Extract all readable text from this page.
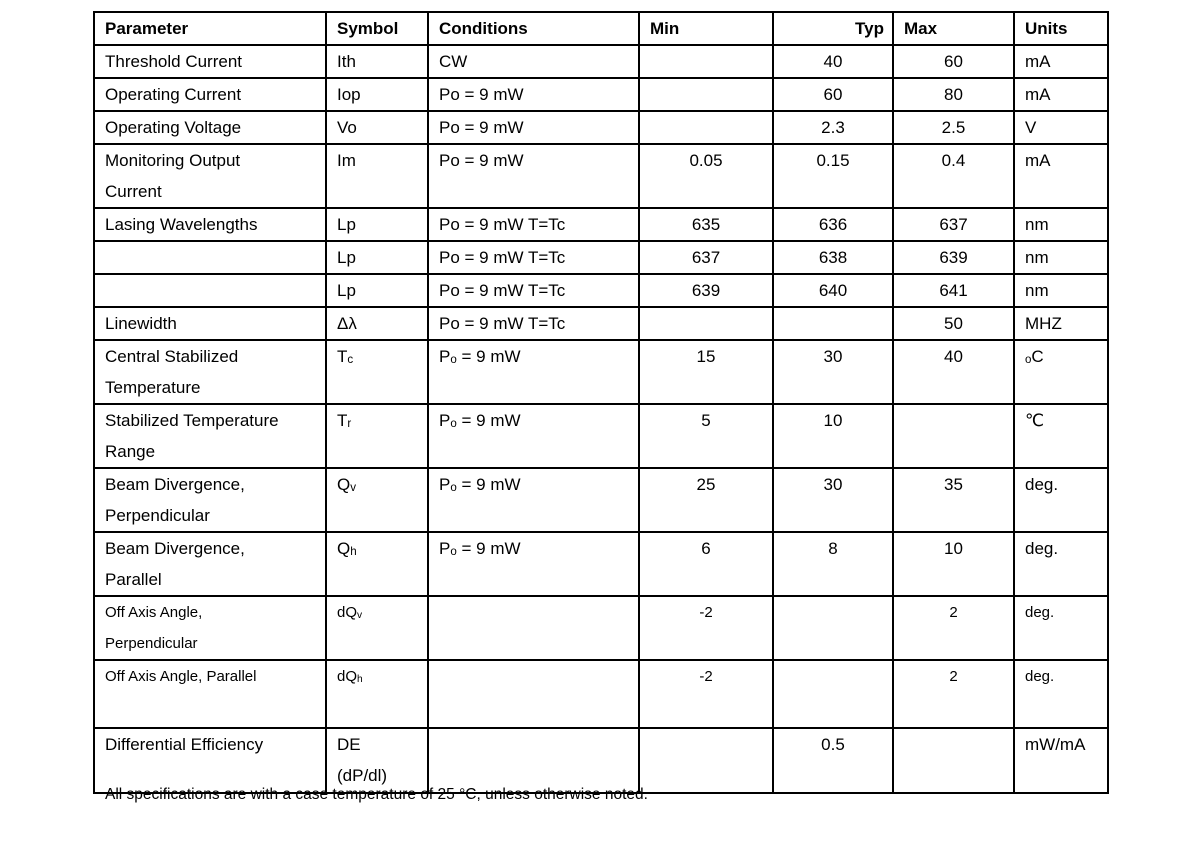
Parameter	Symbol	Conditions	Min	Typ	Max	Units

Threshold Current	Ith	CW		40	60	mA

Operating Current	Iop	Po = 9 mW		60	80	mA

Operating Voltage	Vo	Po = 9 mW		2.3	2.5	V

Monitoring Output
Current	Im	Po = 9 mW	0.05	0.15	0.4	mA

Lasing Wavelengths	Lp	Po = 9 mW T=Tc	635	636	637	nm

	Lp	Po = 9 mW T=Tc	637	638	639	nm

	Lp	Po = 9 mW T=Tc	639	640	641	nm

Linewidth	Δλ	Po = 9 mW T=Tc			50	MHZ

Central Stabilized
Temperature	Tc	Po = 9 mW	15	30	40	oC

Stabilized Temperature
Range	Tr	Po = 9 mW	5	10		℃

Beam Divergence,
Perpendicular	Qv	Po = 9 mW	25	30	35	deg.

Beam Divergence,
Parallel	Qh	Po = 9 mW	6	8	10	deg.

Off Axis Angle,
Perpendicular	dQv		-2		2	deg.

Off Axis Angle, Parallel	dQh		-2		2	deg.

Differential Efficiency	DE
(dP/dl)			0.5		mW/mA
All specifications are with a case temperature of 25 °C, unless otherwise noted.
